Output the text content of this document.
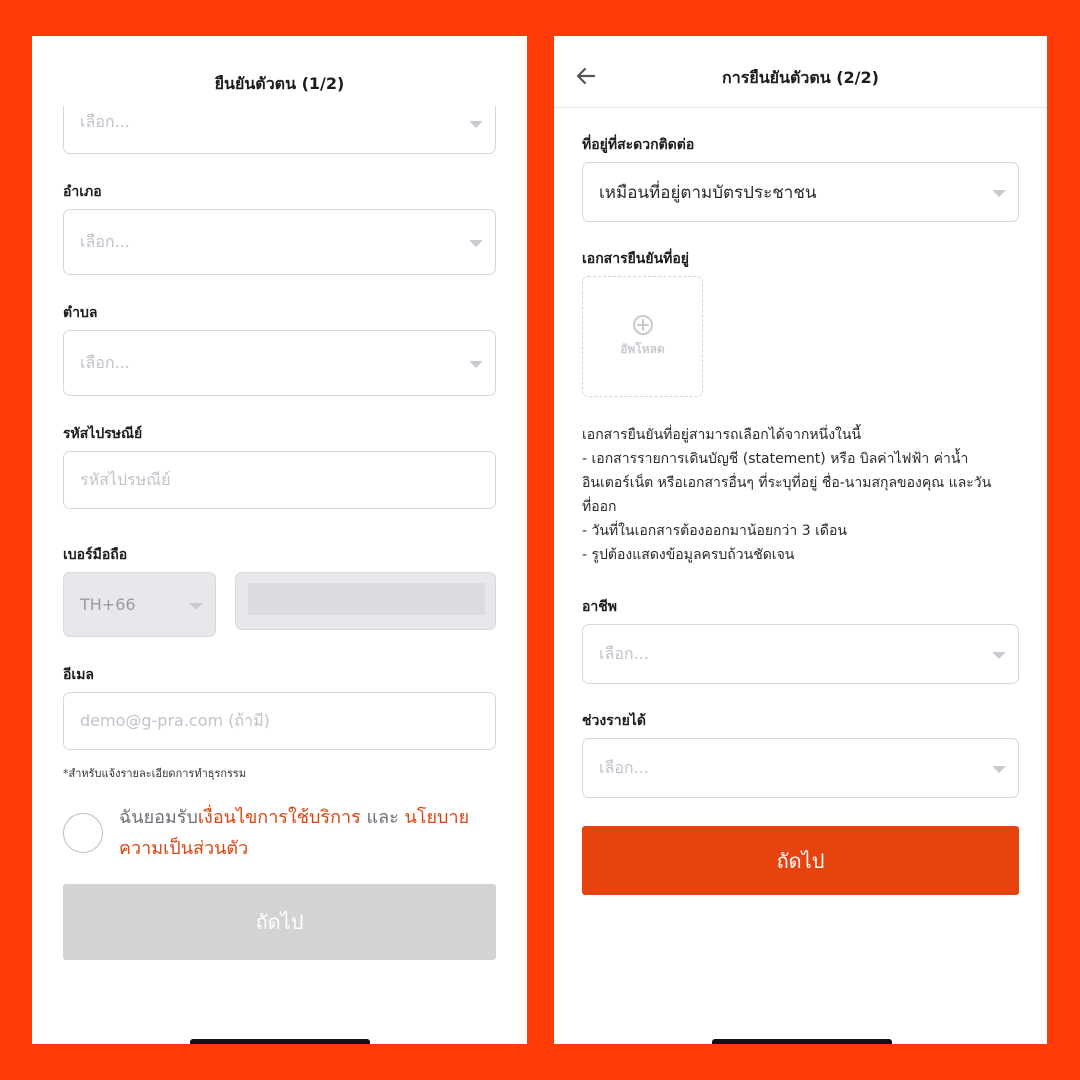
ยืนยันตัวตน (1/2)
เลือก...
อำเภอ
เลือก...
ตำบล
เลือก...
รหัสไปรษณีย์
รหัสไปรษณีย์
เบอร์มือถือ
TH+66
อีเมล
demo@g-pra.com (ถ้ามี)
*สำหรับแจ้งรายละเอียดการทำธุรกรรม
ฉันยอมรับเงื่อนไขการใช้บริการ และ นโยบาย
ความเป็นส่วนตัว
ถัดไป
การยืนยันตัวตน (2/2)
ที่อยู่ที่สะดวกติดต่อ
เหมือนที่อยู่ตามบัตรประชาชน
เอกสารยืนยันที่อยู่
อัพโหลด
เอกสารยืนยันที่อยู่สามารถเลือกได้จากหนึ่งในนี้
- เอกสารรายการเดินบัญชี (statement) หรือ บิลค่าไฟฟ้า ค่าน้ำ
อินเตอร์เน็ต หรือเอกสารอื่นๆ ที่ระบุที่อยู่ ชื่อ-นามสกุลของคุณ และวัน
ที่ออก
- วันที่ในเอกสารต้องออกมาน้อยกว่า 3 เดือน
- รูปต้องแสดงข้อมูลครบถ้วนชัดเจน
อาชีพ
เลือก...
ช่วงรายได้
เลือก...
ถัดไป
